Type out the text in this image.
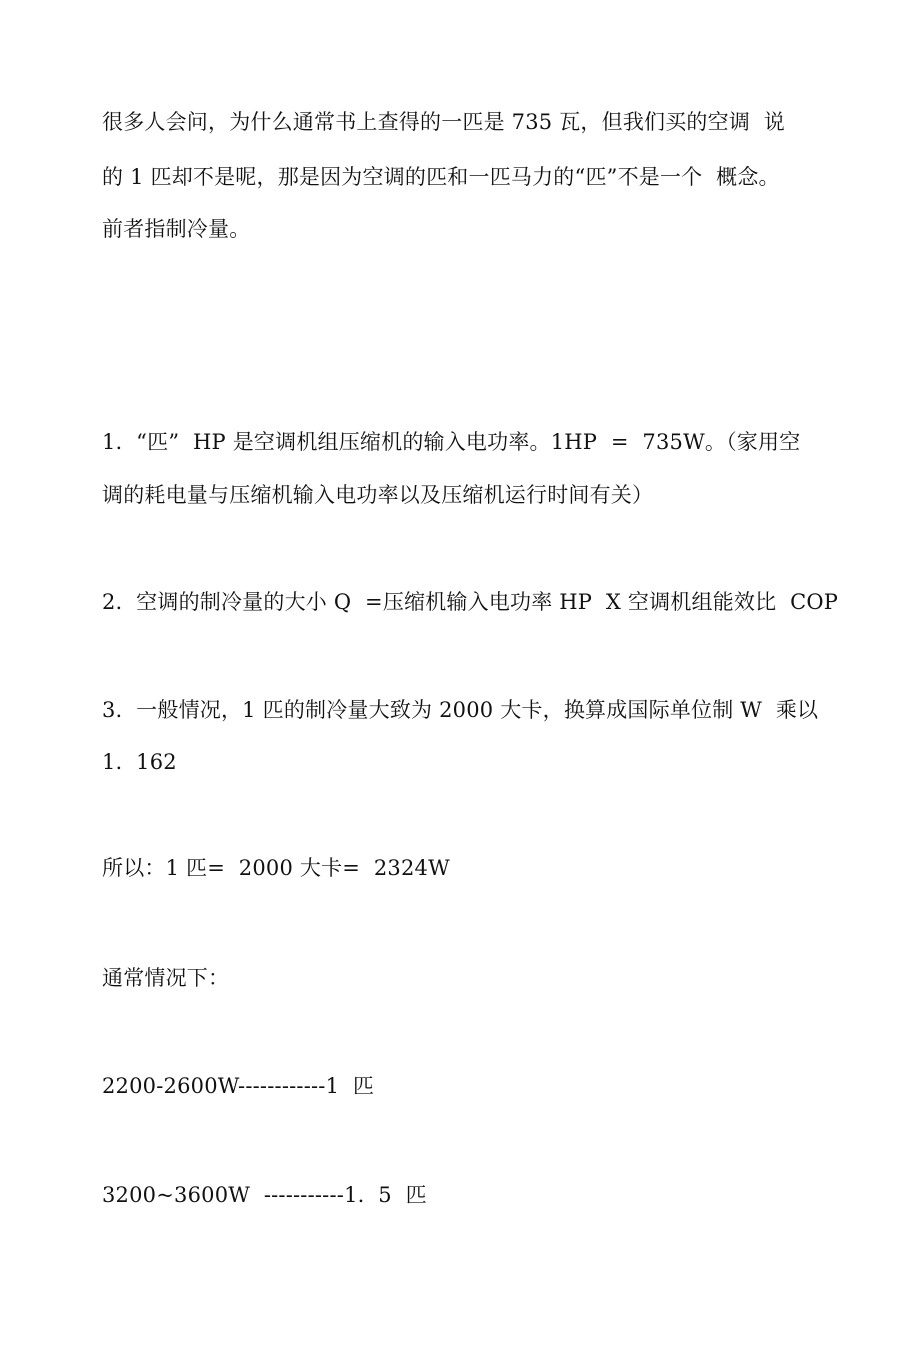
很多人会问，为什么通常书上查得的一匹是 735 瓦，但我们买的空调  说
的 1 匹却不是呢，那是因为空调的匹和一匹马力的“匹”不是一个  概念。
前者指制冷量。
1.  “匹”  HP 是空调机组压缩机的输入电功率。1HP  =  735W。（家用空
调的耗电量与压缩机输入电功率以及压缩机运行时间有关）
2.  空调的制冷量的大小 Q  =压缩机输入电功率 HP  X 空调机组能效比  COP
3.  一般情况，1 匹的制冷量大致为 2000 大卡，换算成国际单位制 W  乘以
1.  162
所以：1 匹=  2000 大卡=  2324W
通常情况下：
2200-2600W------------1  匹
3200~3600W  -----------1.  5  匹
